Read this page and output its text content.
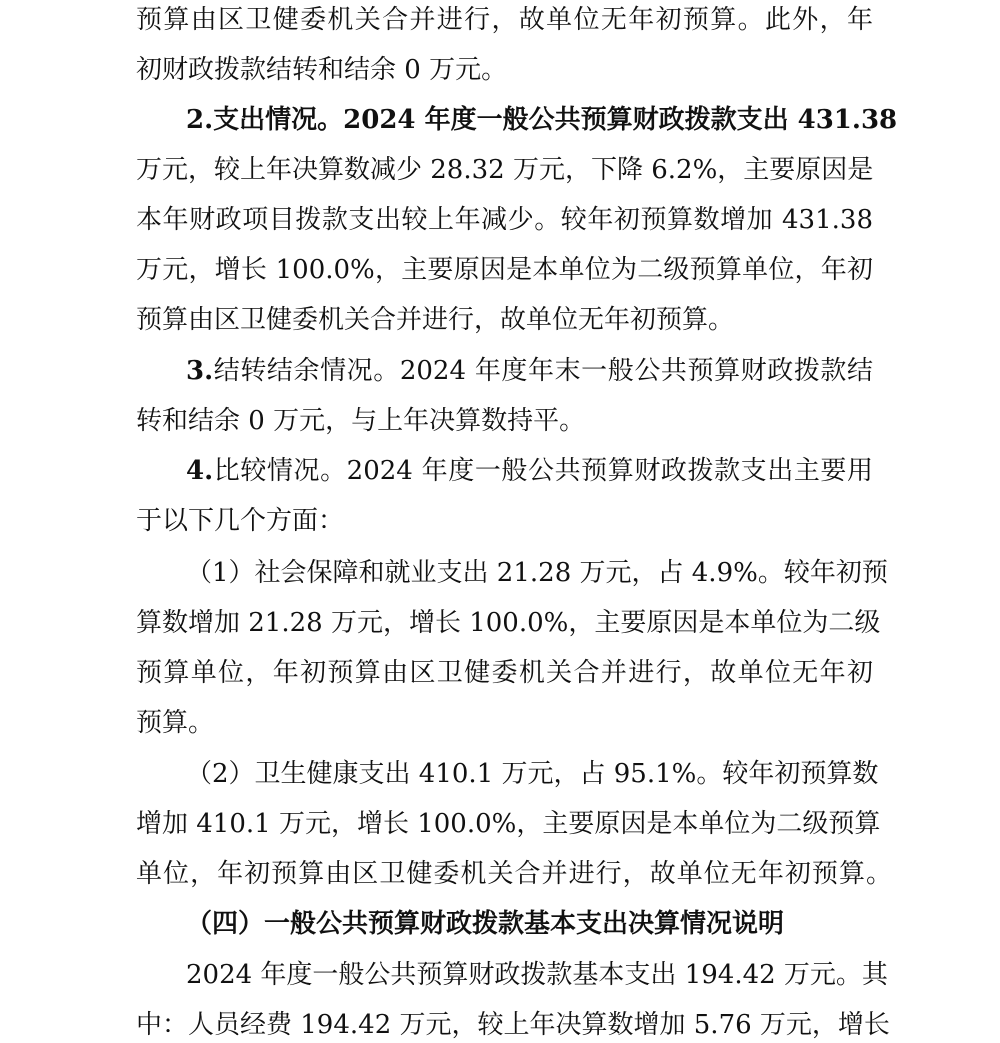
预算由区卫健委机关合并进行，故单位无年初预算。此外，年
初财政拨款结转和结余 0 万元。
2.支出情况。2024 年度一般公共预算财政拨款支出 431.38
万元，较上年决算数减少 28.32 万元，下降 6.2%，主要原因是
本年财政项目拨款支出较上年减少。较年初预算数增加 431.38
万元，增长 100.0%，主要原因是本单位为二级预算单位，年初
预算由区卫健委机关合并进行，故单位无年初预算。
3.结转结余情况。2024 年度年末一般公共预算财政拨款结
转和结余 0 万元，与上年决算数持平。
4.比较情况。2024 年度一般公共预算财政拨款支出主要用
于以下几个方面：
（1）社会保障和就业支出 21.28 万元，占 4.9%。较年初预
算数增加 21.28 万元，增长 100.0%，主要原因是本单位为二级
预算单位，年初预算由区卫健委机关合并进行，故单位无年初
预算。
（2）卫生健康支出 410.1 万元，占 95.1%。较年初预算数
增加 410.1 万元，增长 100.0%，主要原因是本单位为二级预算
单位，年初预算由区卫健委机关合并进行，故单位无年初预算。
（四）一般公共预算财政拨款基本支出决算情况说明
2024 年度一般公共预算财政拨款基本支出 194.42 万元。其
中：人员经费 194.42 万元，较上年决算数增加 5.76 万元，增长
